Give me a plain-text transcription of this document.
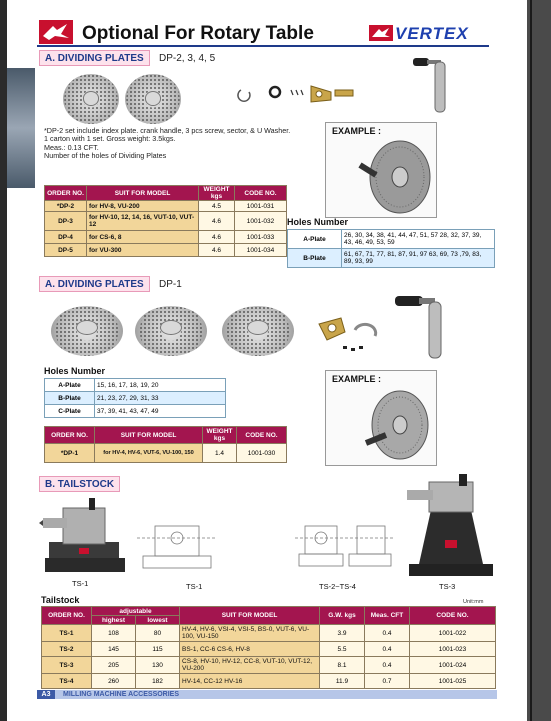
Optional For Rotary Table	VERTEX
A. DIVIDING PLATES	DP-2, 3, 4, 5
*DP-2 set include index plate. crank handle, 3 pcs screw, sector, & U Washer.
1 carton with 1 set. Gross weight: 3.5kgs.
Meas.: 0.13 CFT.
Number of the holes of Dividing Plates
EXAMPLE :
ORDER NO.	SUIT FOR MODEL	WEIGHT kgs	CODE NO.
*DP-2	for HV-8, VU-200	4.5	1001-031
DP-3	for HV-10, 12, 14, 16, VUT-10, VUT-12	4.6	1001-032
DP-4	for CS-6, 8	4.6	1001-033
DP-5	for VU-300	4.6	1001-034
Holes Number
A-Plate	26, 30, 34, 38, 41, 44, 47, 51, 57 28, 32, 37, 39, 43, 46, 49, 53, 59
B-Plate	61, 67, 71, 77, 81, 87, 91, 97 63, 69, 73 ,79, 83, 89, 93, 99
A. DIVIDING PLATES	DP-1
Holes Number
A-Plate	15, 16, 17, 18, 19, 20
B-Plate	21, 23, 27, 29, 31, 33
C-Plate	37, 39, 41, 43, 47, 49
ORDER NO.	SUIT FOR MODEL	WEIGHT kgs	CODE NO.
*DP-1	for HV-4, HV-6, VUT-6, VU-100, 150	1.4	1001-030
EXAMPLE :
B. TAILSTOCK
TS-1	TS-1	TS-2~TS-4	TS-3
Tailstock	Unit:mm
ORDER NO.	adjustable		SUIT FOR MODEL	G.W. kgs	Meas. CFT	CODE NO.
	highest	lowest				
TS-1	108	80	HV-4, HV-6, VSI-4, VSI-5, BS-0, VUT-6, VU-100, VU-150	3.9	0.4	1001-022
TS-2	145	115	BS-1, CC-6 CS-6, HV-8	5.5	0.4	1001-023
TS-3	205	130	CS-8, HV-10, HV-12, CC-8, VUT-10, VUT-12, VU-200	8.1	0.4	1001-024
TS-4	260	182	HV-14, CC-12 HV-16	11.9	0.7	1001-025
A3	MILLING MACHINE ACCESSORIES
